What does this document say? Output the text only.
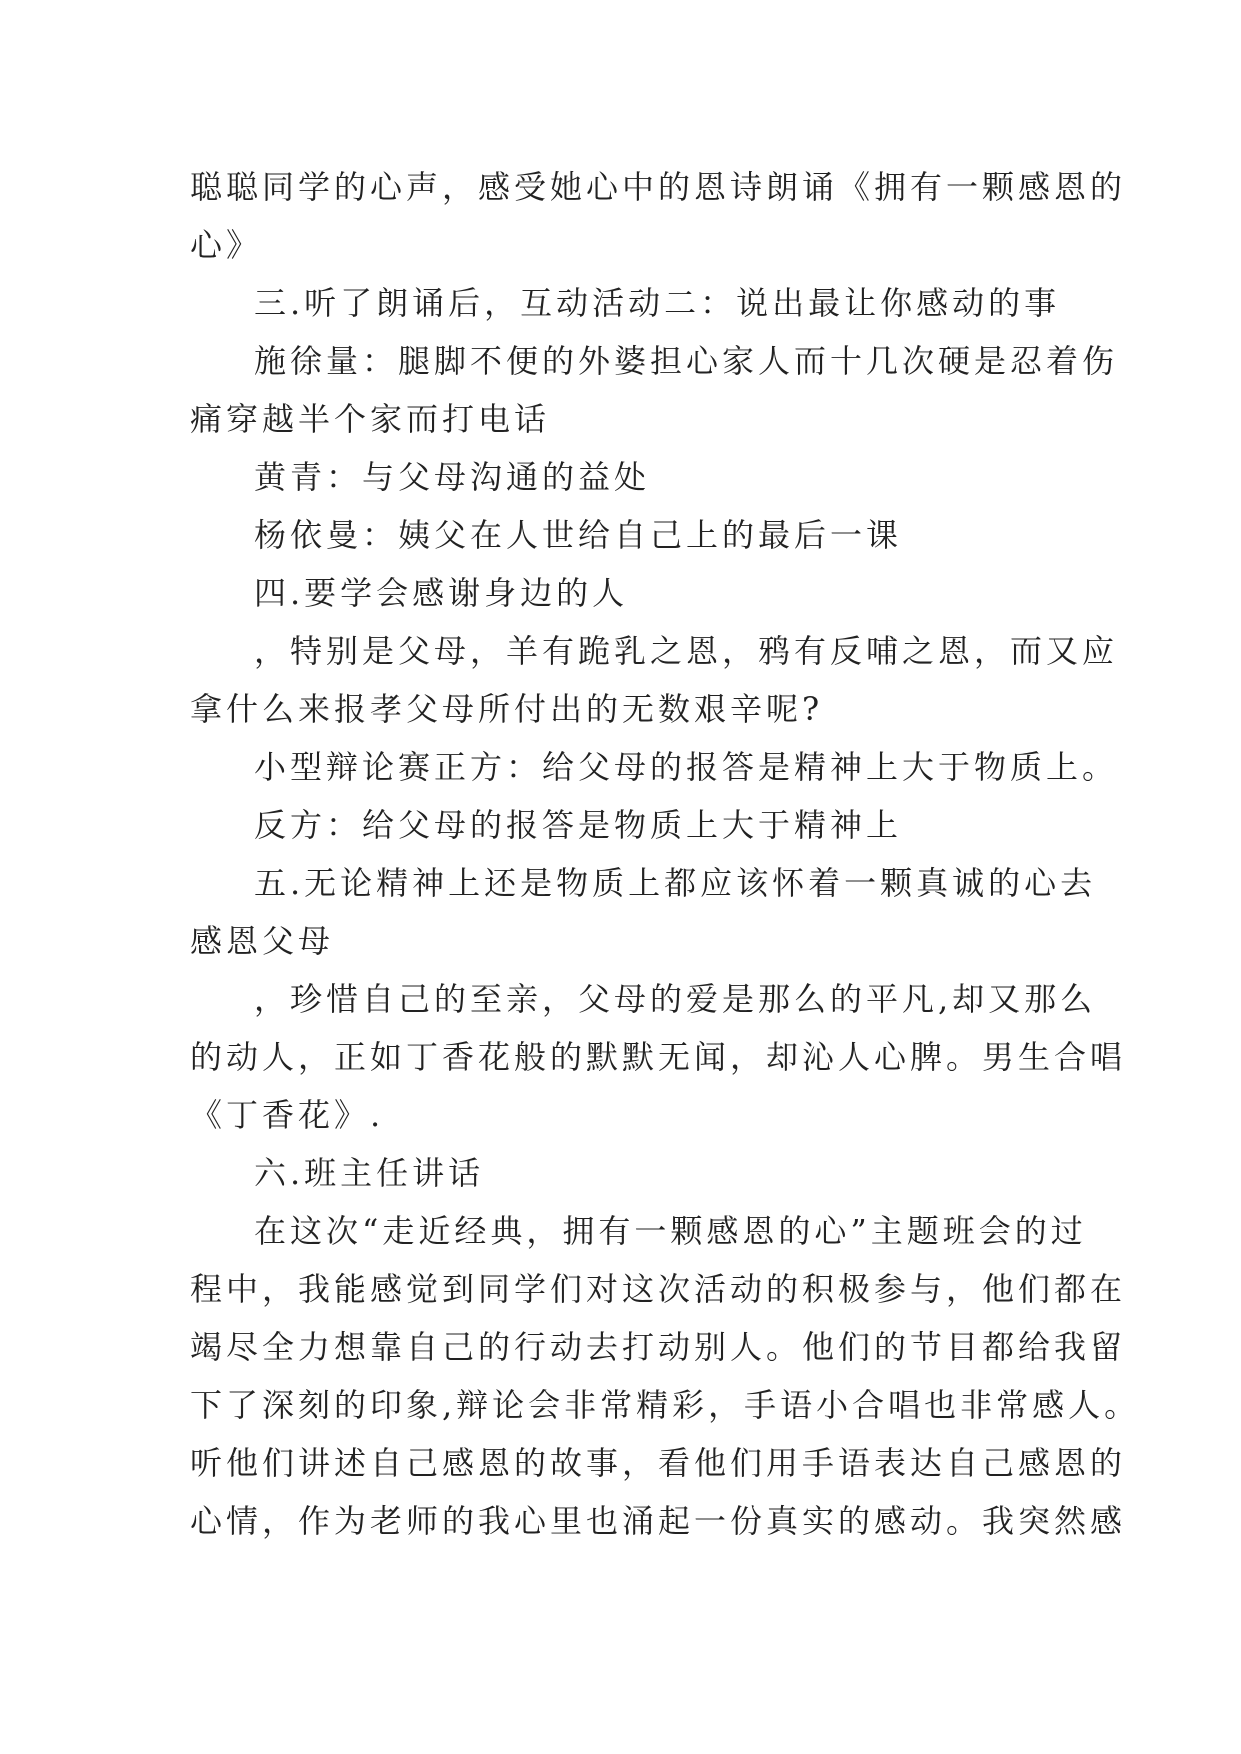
聪聪同学的心声，感受她心中的恩诗朗诵《拥有一颗感恩的
心》
三.听了朗诵后，互动活动二：说出最让你感动的事
施徐量：腿脚不便的外婆担心家人而十几次硬是忍着伤
痛穿越半个家而打电话
黄青：与父母沟通的益处
杨依曼：姨父在人世给自己上的最后一课
四.要学会感谢身边的人
，特别是父母，羊有跪乳之恩，鸦有反哺之恩，而又应
拿什么来报孝父母所付出的无数艰辛呢?
小型辩论赛正方：给父母的报答是精神上大于物质上。
反方：给父母的报答是物质上大于精神上
五.无论精神上还是物质上都应该怀着一颗真诚的心去
感恩父母
，珍惜自己的至亲，父母的爱是那么的平凡,却又那么
的动人，正如丁香花般的默默无闻，却沁人心脾。男生合唱
《丁香花》.
六.班主任讲话
在这次“走近经典，拥有一颗感恩的心”主题班会的过
程中，我能感觉到同学们对这次活动的积极参与，他们都在
竭尽全力想靠自己的行动去打动别人。他们的节目都给我留
下了深刻的印象,辩论会非常精彩，手语小合唱也非常感人。
听他们讲述自己感恩的故事，看他们用手语表达自己感恩的
心情，作为老师的我心里也涌起一份真实的感动。我突然感
